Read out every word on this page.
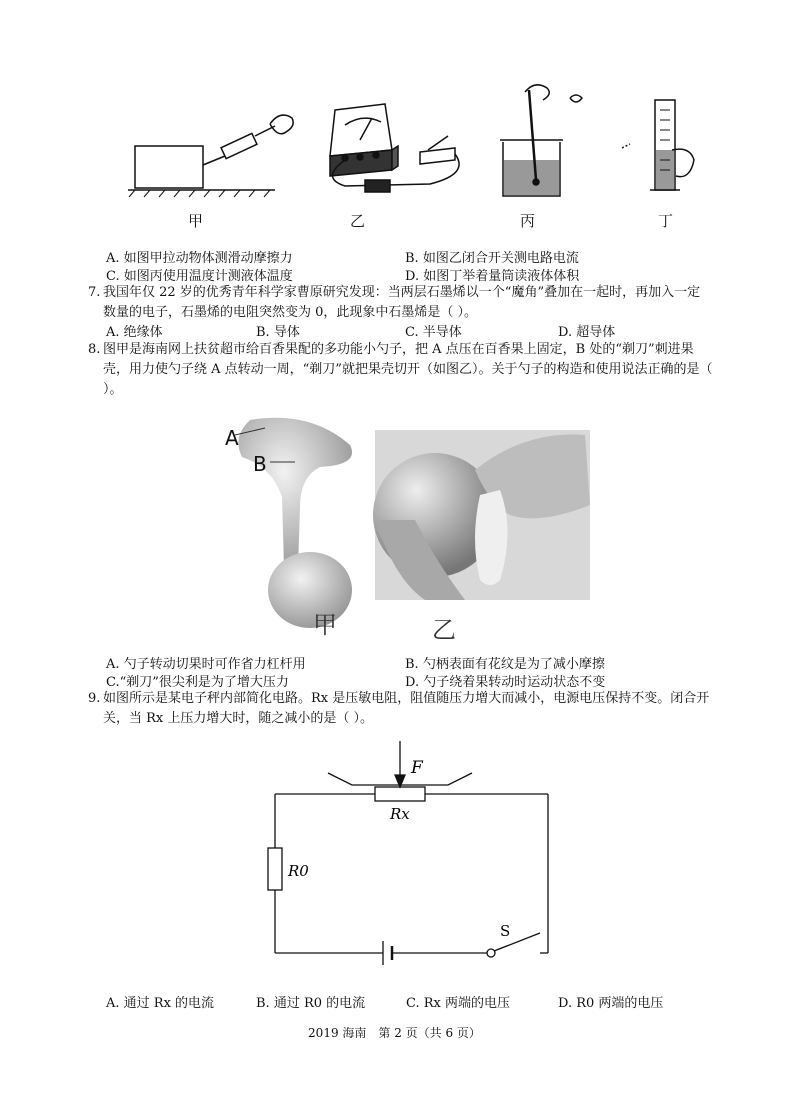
甲	乙	丙	丁
A. 如图甲拉动物体测滑动摩擦力	B. 如图乙闭合开关测电路电流
C. 如图丙使用温度计测液体温度	D. 如图丁举着量筒读液体体积
7. 我国年仅 22 岁的优秀青年科学家曹原研究发现：当两层石墨烯以一个“魔角”叠加在一起时，再加入一定数量的电子，石墨烯的电阻突然变为 0，此现象中石墨烯是（ ）。
A. 绝缘体	B. 导体	C. 半导体	D. 超导体
8. 图甲是海南网上扶贫超市给百香果配的多功能小勺子，把 A 点压在百香果上固定，B 处的“剃刀”刺进果壳，用力使勺子绕 A 点转动一周，“剃刀”就把果壳切开（如图乙）。关于勺子的构造和使用说法正确的是（ ）。
A
B
甲	乙
A. 勺子转动切果时可作省力杠杆用	B. 勺柄表面有花纹是为了减小摩擦
C.“剃刀”很尖利是为了增大压力	D. 勺子绕着果转动时运动状态不变
9. 如图所示是某电子秤内部简化电路。Rx 是压敏电阻，阻值随压力增大而减小，电源电压保持不变。闭合开关，当 Rx 上压力增大时，随之减小的是（ ）。
F
Rx
R0
S
A. 通过 Rx 的电流	B. 通过 R0 的电流	C. Rx 两端的电压	D. R0 两端的电压
2019 海南　第 2 页（共 6 页）
